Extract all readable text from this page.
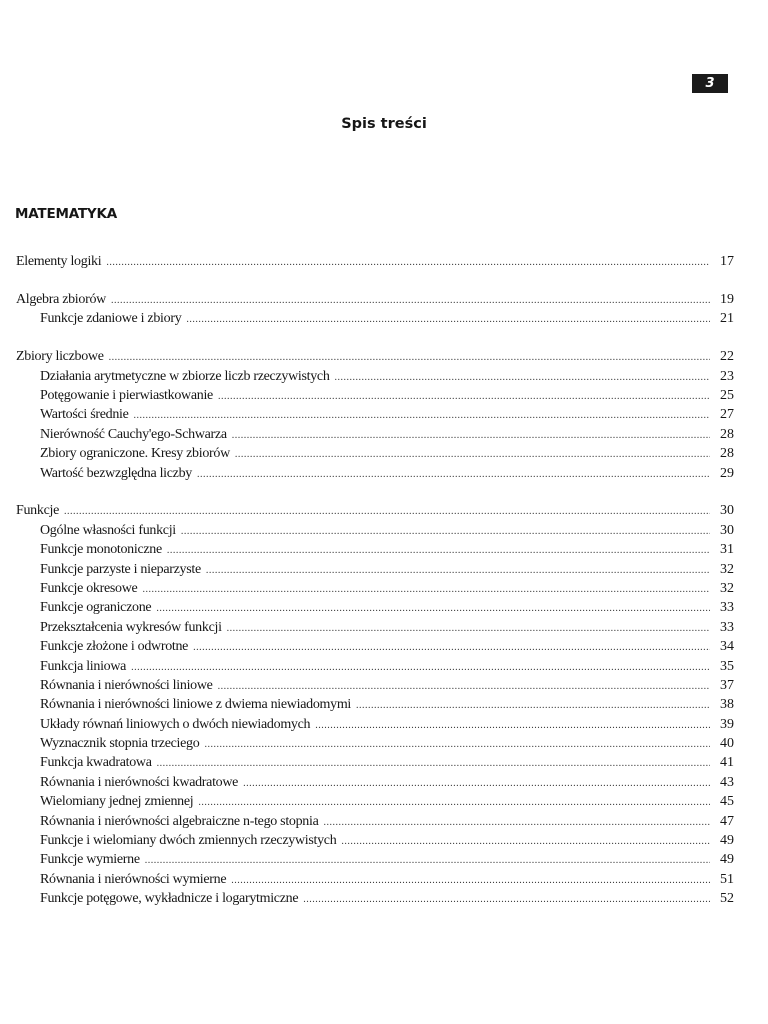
3
Spis treści
MATEMATYKA
Elementy logiki .....	17
Algebra zbiorów .....	19
Funkcje zdaniowe i zbiory .....	21
Zbiory liczbowe .....	22
Działania arytmetyczne w zbiorze liczb rzeczywistych .....	23
Potęgowanie i pierwiastkowanie .....	25
Wartości średnie .....	27
Nierówność Cauchy'ego-Schwarza .....	28
Zbiory ograniczone. Kresy zbiorów .....	28
Wartość bezwzględna liczby .....	29
Funkcje .....	30
Ogólne własności funkcji .....	30
Funkcje monotoniczne .....	31
Funkcje parzyste i nieparzyste .....	32
Funkcje okresowe .....	32
Funkcje ograniczone .....	33
Przekształcenia wykresów funkcji .....	33
Funkcje złożone i odwrotne .....	34
Funkcja liniowa .....	35
Równania i nierówności liniowe .....	37
Równania i nierówności liniowe z dwiema niewiadomymi .....	38
Układy równań liniowych o dwóch niewiadomych .....	39
Wyznacznik stopnia trzeciego .....	40
Funkcja kwadratowa .....	41
Równania i nierówności kwadratowe .....	43
Wielomiany jednej zmiennej .....	45
Równania i nierówności algebraiczne n-tego stopnia .....	47
Funkcje i wielomiany dwóch zmiennych rzeczywistych .....	49
Funkcje wymierne .....	49
Równania i nierówności wymierne .....	51
Funkcje potęgowe, wykładnicze i logarytmiczne .....	52
